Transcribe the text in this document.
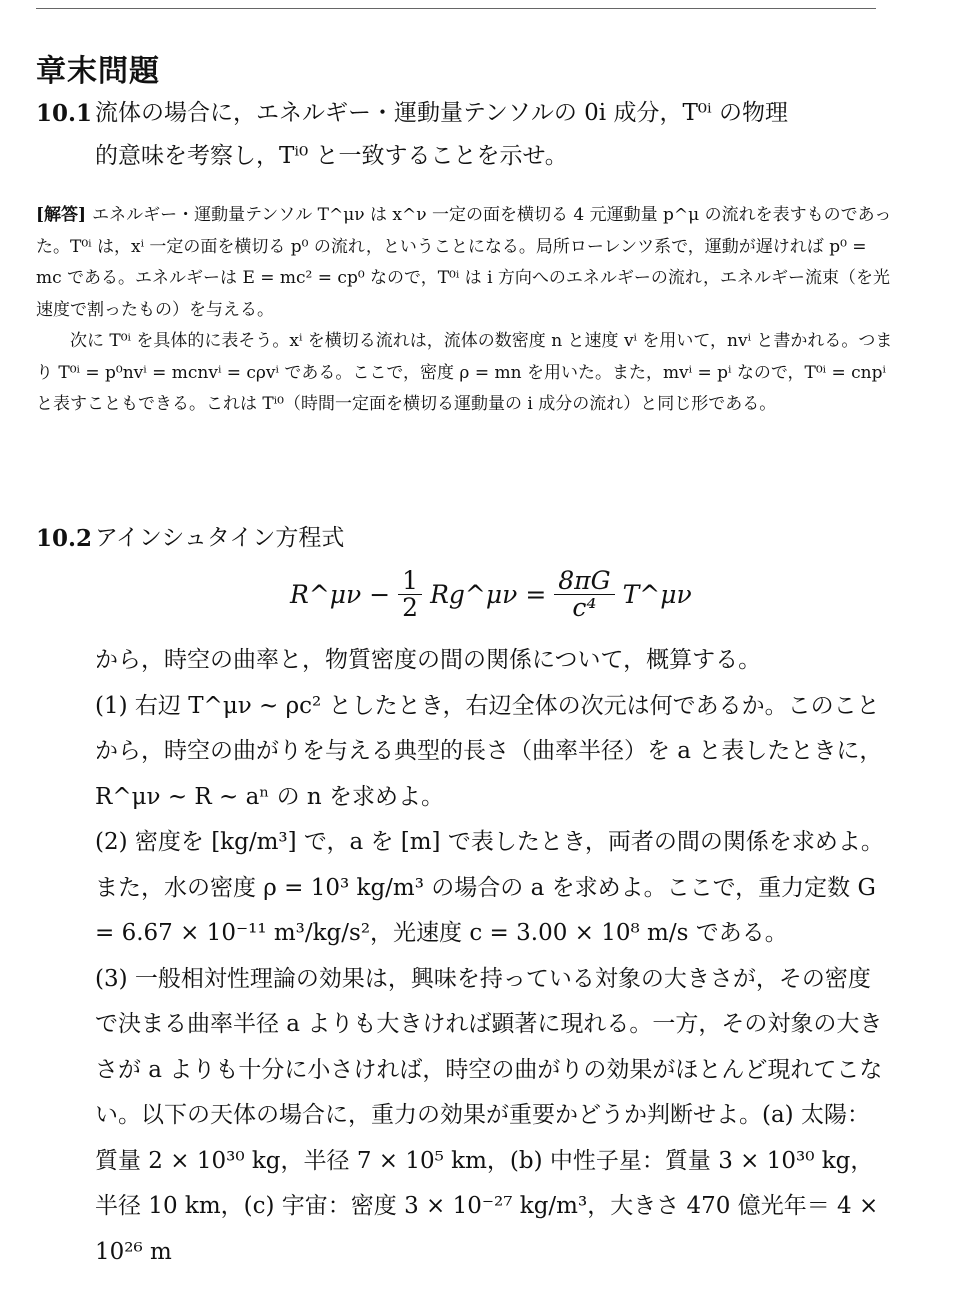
章末問題
10.1 流体の場合に，エネルギー・運動量テンソルの 0i 成分，T⁰ⁱ の物理
的意味を考察し，Tⁱ⁰ と一致することを示せ。

[解答] エネルギー・運動量テンソル T^μν は x^ν 一定の面を横切る 4 元運動量 p^μ の流れを表すものであった。T⁰ⁱ は，xⁱ 一定の面を横切る p⁰ の流れ，ということになる。局所ローレンツ系で，運動が遅ければ p⁰ = mc である。エネルギーは E = mc² = cp⁰ なので，T⁰ⁱ は i 方向へのエネルギーの流れ，エネルギー流束（を光速度で割ったもの）を与える。

次に T⁰ⁱ を具体的に表そう。xⁱ を横切る流れは，流体の数密度 n と速度 vⁱ を用いて，nvⁱ と書かれる。つまり T⁰ⁱ = p⁰nvⁱ = mcnvⁱ = cρvⁱ である。ここで，密度 ρ = mn を用いた。また，mvⁱ = pⁱ なので，T⁰ⁱ = cnpⁱ と表すこともできる。これは Tⁱ⁰（時間一定面を横切る運動量の i 成分の流れ）と同じ形である。

10.2 アインシュタイン方程式
R^μν − $\frac{1}{2}$ Rg^μν = $\frac{8\pi G}{\text{c⁴}}$ T^μν

から，時空の曲率と，物質密度の間の関係について，概算する。

(1) 右辺 T^μν ~ ρc² としたとき，右辺全体の次元は何であるか。このことから，時空の曲がりを与える典型的長さ（曲率半径）を a と表したときに，R^μν ~ R ~ aⁿ の n を求めよ。

(2) 密度を [kg/m³] で，a を [m] で表したとき，両者の間の関係を求めよ。また，水の密度 ρ = 10³ kg/m³ の場合の a を求めよ。ここで，重力定数 G = 6.67 × 10⁻¹¹ m³/kg/s²，光速度 c = 3.00 × 10⁸ m/s である。

(3) 一般相対性理論の効果は，興味を持っている対象の大きさが，その密度で決まる曲率半径 a よりも大きければ顕著に現れる。一方，その対象の大きさが a よりも十分に小さければ，時空の曲がりの効果がほとんど現れてこない。以下の天体の場合に，重力の効果が重要かどうか判断せよ。(a) 太陽：質量 2 × 10³⁰ kg，半径 7 × 10⁵ km，(b) 中性子星：質量 3 × 10³⁰ kg，半径 10 km，(c) 宇宙：密度 3 × 10⁻²⁷ kg/m³，大きさ 470 億光年＝ 4 × 10²⁶ m
